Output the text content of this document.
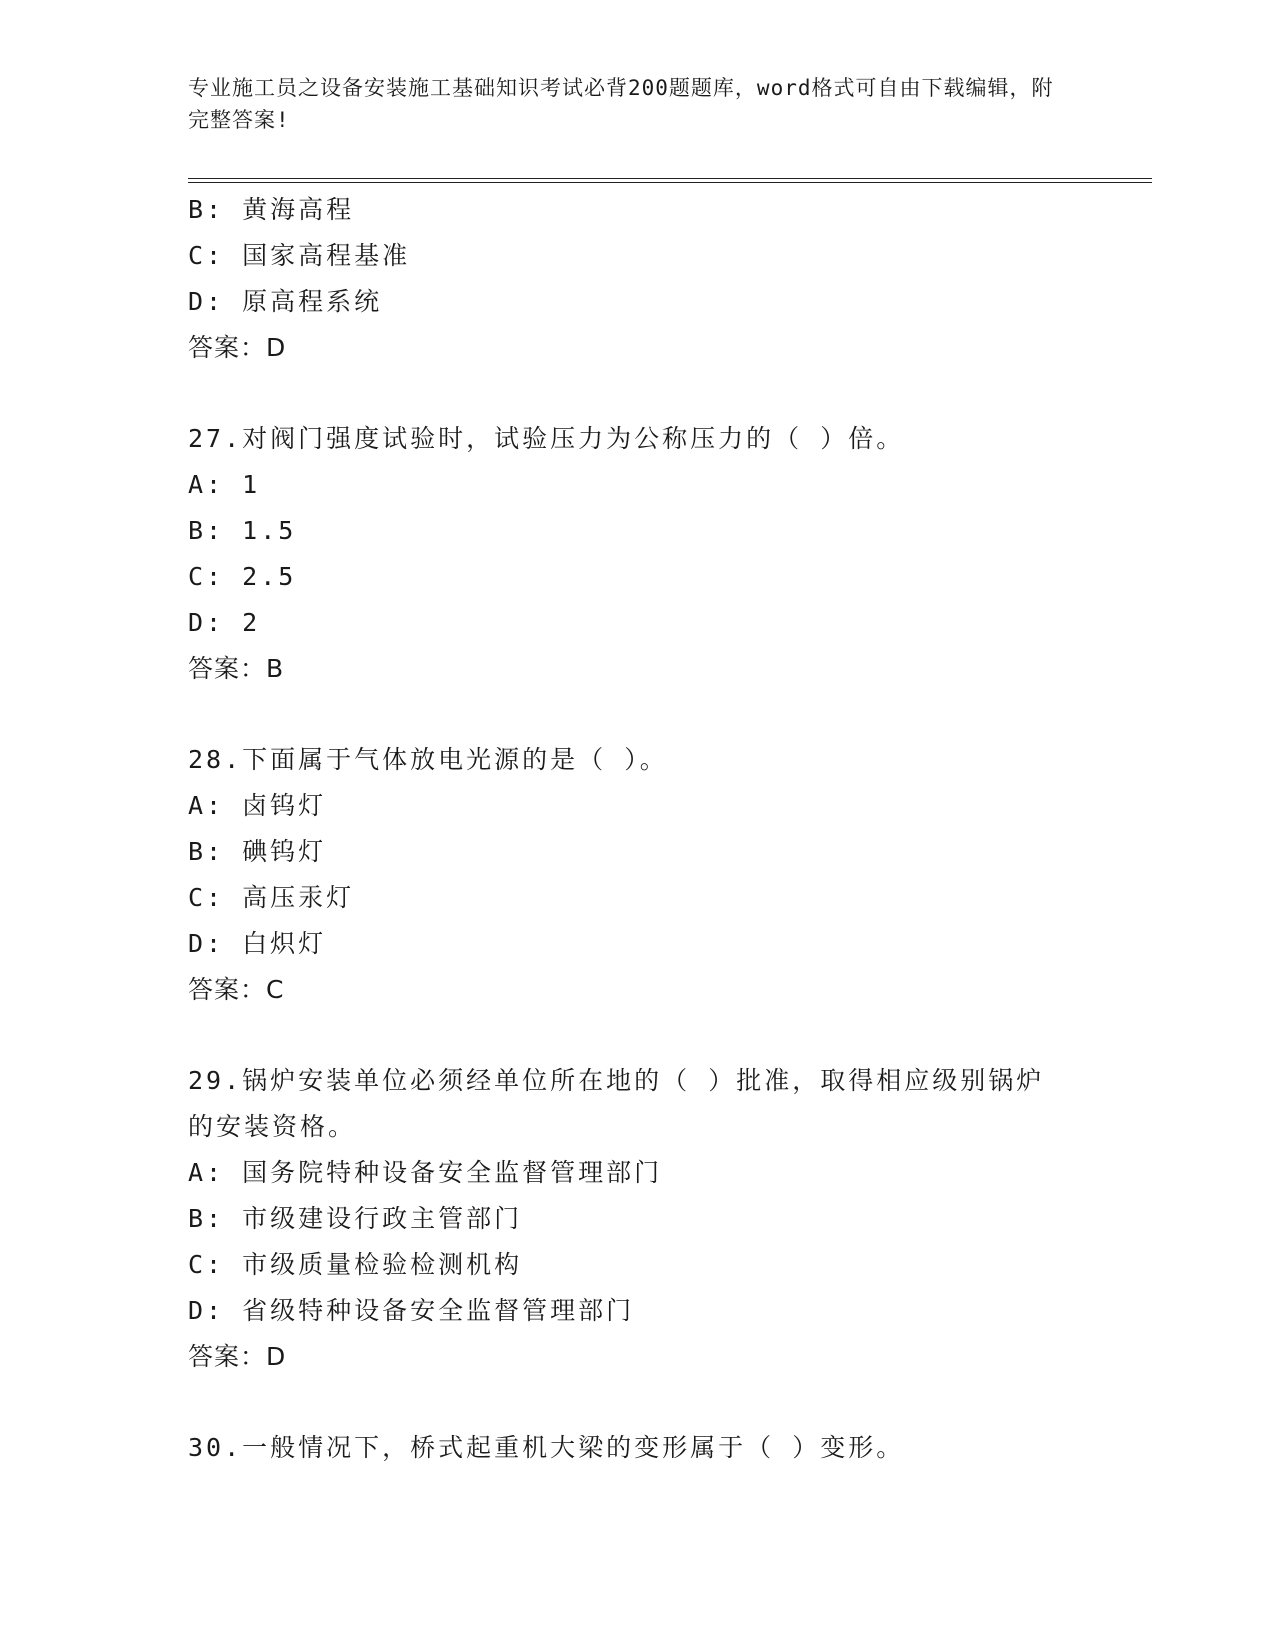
专业施工员之设备安装施工基础知识考试必背200题题库，word格式可自由下载编辑，附完整答案!
B: 黄海高程
C: 国家高程基准
D: 原高程系统
答案：D
27.对阀门强度试验时，试验压力为公称压力的（ ）倍。
A: 1
B: 1.5
C: 2.5
D: 2
答案：B
28.下面属于气体放电光源的是（ ）。
A: 卤钨灯
B: 碘钨灯
C: 高压汞灯
D: 白炽灯
答案：C
29.锅炉安装单位必须经单位所在地的（ ）批准，取得相应级别锅炉的安装资格。
A: 国务院特种设备安全监督管理部门
B: 市级建设行政主管部门
C: 市级质量检验检测机构
D: 省级特种设备安全监督管理部门
答案：D
30.一般情况下，桥式起重机大梁的变形属于（ ）变形。
